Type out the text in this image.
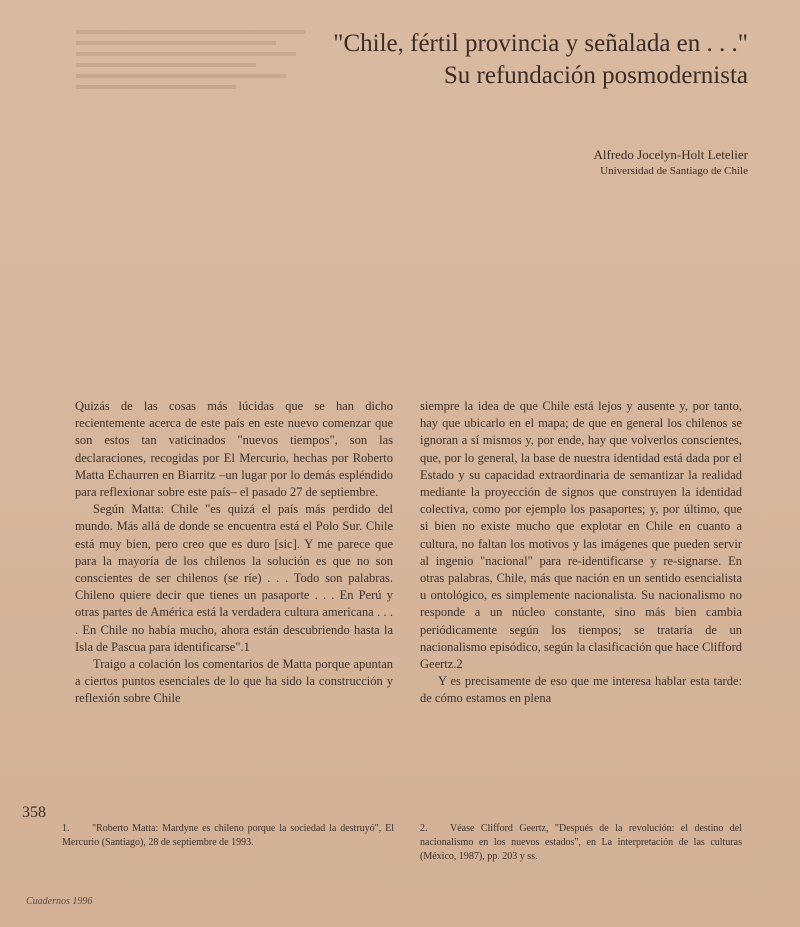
"Chile, fértil provincia y señalada en . . ."
Su refundación posmodernista
Alfredo Jocelyn-Holt Letelier
Universidad de Santiago de Chile

Quizás de las cosas más lúcidas que se han dicho recientemente acerca de este país en este nuevo comenzar que son estos tan vaticinados "nuevos tiempos", son las declaraciones, recogidas por El Mercurio, hechas por Roberto Matta Echaurren en Biarritz –un lugar por lo demás espléndido para reflexionar sobre este país– el pasado 27 de septiembre.

Según Matta: Chile "es quizá el país más perdido del mundo. Más allá de donde se encuentra está el Polo Sur. Chile está muy bien, pero creo que es duro [sic]. Y me parece que para la mayoría de los chilenos la solución es que no son conscientes de ser chilenos (se ríe) . . . Todo son palabras. Chileno quiere decir que tienes un pasaporte . . . En Perú y otras partes de América está la verdadera cultura americana . . . . En Chile no había mucho, ahora están descubriendo hasta la Isla de Pascua para identificarse".1

Traigo a colación los comentarios de Matta porque apuntan a ciertos puntos esenciales de lo que ha sido la construcción y reflexión sobre Chile

siempre la idea de que Chile está lejos y ausente y, por tanto, hay que ubicarlo en el mapa; de que en general los chilenos se ignoran a sí mismos y, por ende, hay que volverlos conscientes, que, por lo general, la base de nuestra identidad está dada por el Estado y su capacidad extraordinaria de semantizar la realidad mediante la proyección de signos que construyen la identidad colectiva, como por ejemplo los pasaportes; y, por último, que si bien no existe mucho que explotar en Chile en cuanto a cultura, no faltan los motivos y las imágenes que pueden servir al ingenio "nacional" para re-identificarse y re-signarse. En otras palabras, Chile, más que nación en un sentido esencialista u ontológico, es simplemente nacionalista. Su nacionalismo no responde a un núcleo constante, sino más bien cambia periódicamente según los tiempos; se trataría de un nacionalismo episódico, según la clasificación que hace Clifford Geertz.2

Y es precisamente de eso que me interesa hablar esta tarde: de cómo estamos en plena

358
1. "Roberto Matta: Mardyne es chileno porque la sociedad la destruyó", El Mercurio (Santiago), 28 de septiembre de 1993.
2. Véase Clifford Geertz, "Después de la revolución: el destino del nacionalismo en los nuevos estados", en La interpretación de las culturas (México, 1987), pp. 203 y ss.
Cuadernos 1996
